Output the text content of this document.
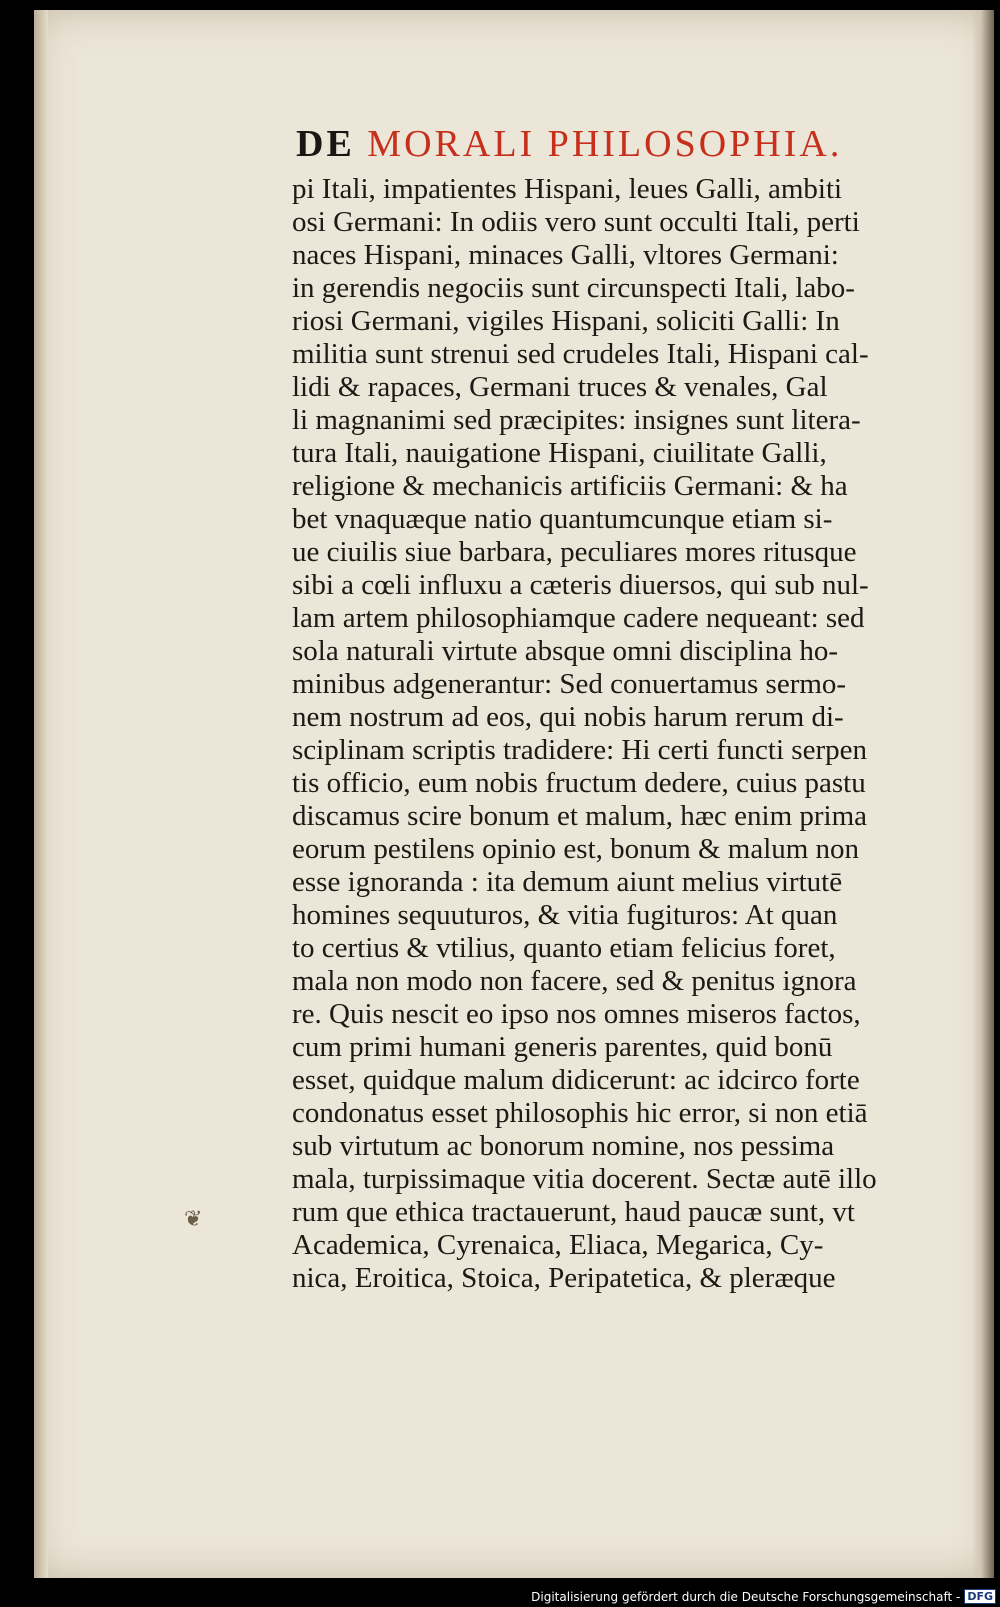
DE MORALI PHILOSOPHIA.
pi Itali, impatientes Hispani, leues Galli, ambiti
osi Germani: In odiis vero sunt occulti Itali, perti
naces Hispani, minaces Galli, vltores Germani:
in gerendis negociis sunt circunspecti Itali, labo-
riosi Germani, vigiles Hispani, soliciti Galli: In
militia sunt strenui sed crudeles Itali, Hispani cal-
lidi & rapaces, Germani truces & venales, Gal
li magnanimi sed præcipites: insignes sunt litera-
tura Itali, nauigatione Hispani, ciuilitate Galli,
religione & mechanicis artificiis Germani: & ha
bet vnaquæque natio quantumcunque etiam si-
ue ciuilis siue barbara, peculiares mores ritusque
sibi a cœli influxu a cæteris diuersos, qui sub nul-
lam artem philosophiamque cadere nequeant: sed
sola naturali virtute absque omni disciplina ho-
minibus adgenerantur: Sed conuertamus sermo-
nem nostrum ad eos, qui nobis harum rerum di-
sciplinam scriptis tradidere: Hi certi functi serpen
tis officio, eum nobis fructum dedere, cuius pastu
discamus scire bonum et malum, hæc enim prima
eorum pestilens opinio est, bonum & malum non
esse ignoranda : ita demum aiunt melius virtutē
homines sequuturos, & vitia fugituros: At quan
to certius & vtilius, quanto etiam felicius foret,
mala non modo non facere, sed & penitus ignora
re. Quis nescit eo ipso nos omnes miseros factos,
cum primi humani generis parentes, quid bonū
esset, quidque malum didicerunt: ac idcirco forte
condonatus esset philosophis hic error, si non etiā
sub virtutum ac bonorum nomine, nos pessima
mala, turpissimaque vitia docerent. Sectæ autē illo
rum que ethica tractauerunt, haud paucæ sunt, vt
Academica, Cyrenaica, Eliaca, Megarica, Cy-
nica, Eroitica, Stoica, Peripatetica, & pleræque
❦
Digitalisierung gefördert durch die Deutsche Forschungsgemeinschaft - DFG
